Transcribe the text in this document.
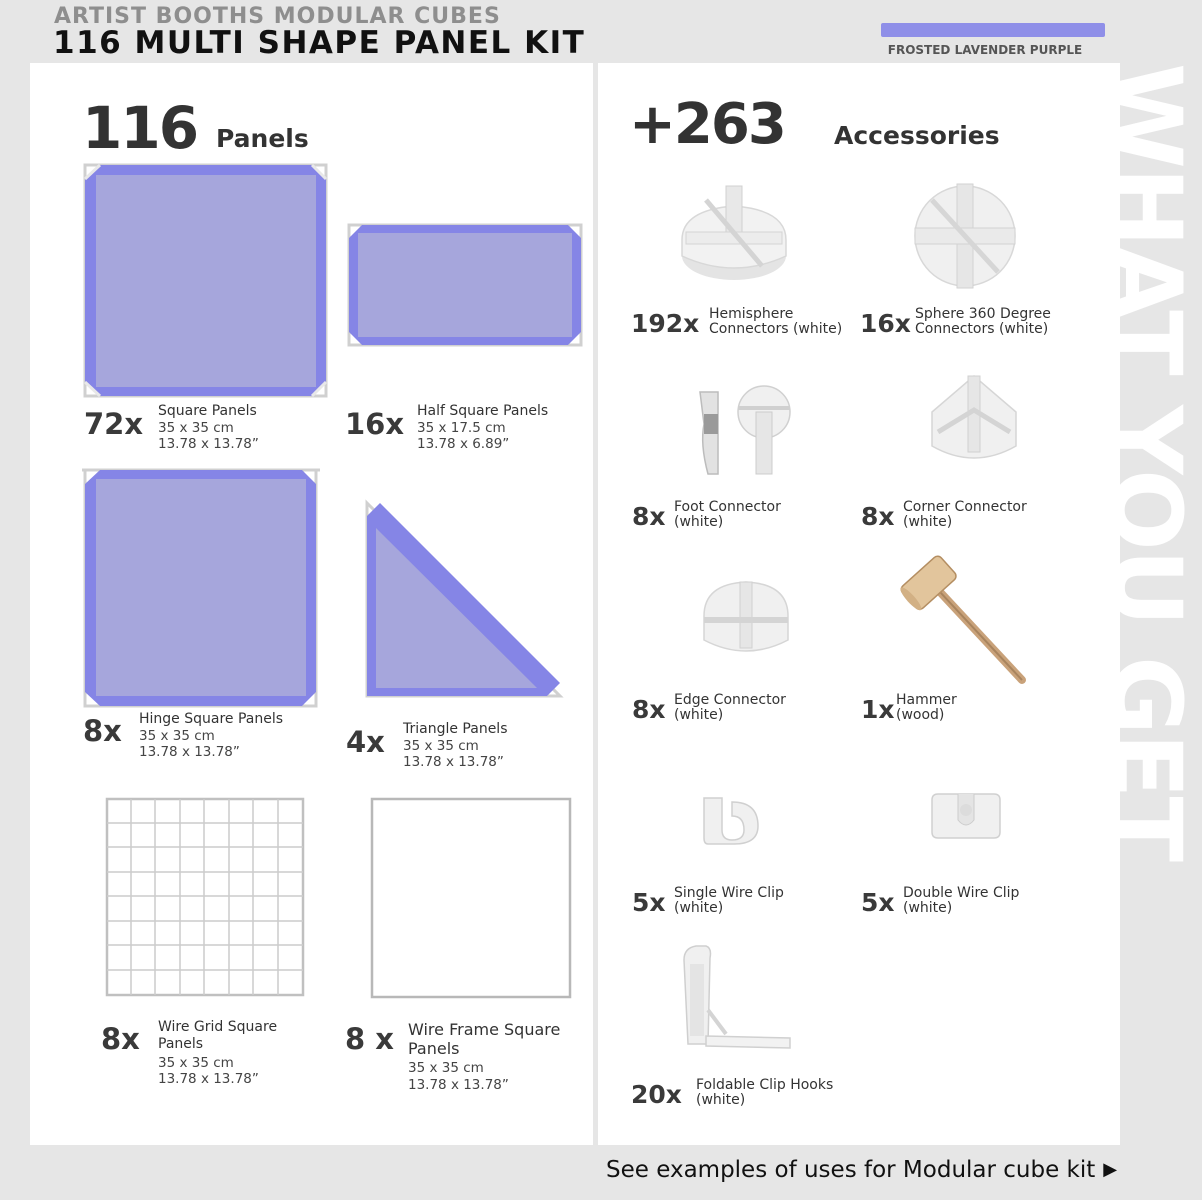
ARTIST BOOTHS MODULAR CUBES
116 MULTI SHAPE PANEL KIT	FROSTED LAVENDER PURPLE
116 Panels
72x Square Panels
35 x 35 cm
13.78 x 13.78”
16x Half Square Panels
35 x 17.5 cm
13.78 x 6.89”
8x Hinge Square Panels
35 x 35 cm
13.78 x 13.78”	4x Triangle Panels
35 x 35 cm
13.78 x 13.78”
8x Wire Grid Square
Panels
35 x 35 cm
13.78 x 13.78”
8 x Wire Frame Square
Panels
35 x 35 cm
13.78 x 13.78”
+263 Accessories
192x Hemisphere
Connectors (white) 16x Sphere 360 Degree
Connectors (white)
8x Foot Connector
(white)	8x Corner Connector
(white)
8x Edge Connector
(white)	1x Hammer
(wood)
5x Single Wire Clip
(white)	5x Double Wire Clip
(white)
20x Foldable Clip Hooks
(white)
WHAT YOU GET
See examples of uses for Modular cube kit ▶
